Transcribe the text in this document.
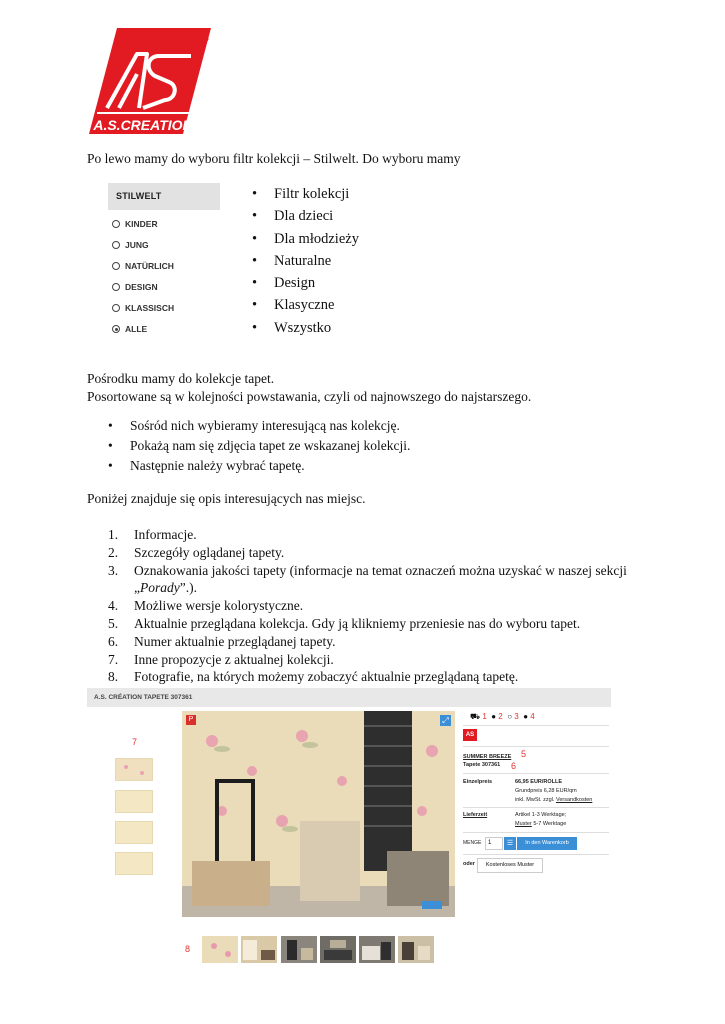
A.S.CREATION
®
Po lewo mamy do wyboru filtr kolekcji – Stilwelt. Do wyboru mamy
STILWELT
KINDER
JUNG
NATÜRLICH
DESIGN
KLASSISCH
ALLE
• Filtr kolekcji
• Dla dzieci
• Dla młodzieży
• Naturalne
• Design
• Klasyczne
• Wszystko
Pośrodku mamy do kolekcje tapet.
Posortowane są w kolejności powstawania, czyli od najnowszego do najstarszego.
• Sośród nich wybieramy interesującą nas kolekcję.
• Pokażą nam się zdjęcia tapet ze wskazanej kolekcji.
• Następnie należy wybrać tapetę.
Poniżej znajduje się opis interesujących nas miejsc.
1. Informacje.
2. Szczegóły oglądanej tapety.
3. Oznakowania jakości tapety (informacje na temat oznaczeń można uzyskać w naszej sekcji
„Porady”.).
4. Możliwe wersje kolorystyczne.
5. Aktualnie przeglądana kolekcja. Gdy ją klikniemy przeniesie nas do wyboru tapet.
6. Numer aktualnie przeglądanej tapety.
7. Inne propozycje z aktualnej kolekcji.
8. Fotografie, na których możemy zobaczyć aktualnie przeglądaną tapetę.
A.S. CRÉATION TAPETE 307361
7
P	⤢	⛟ 1 ● 2 ○ 3 ● 4
AS
SUMMER BREEZE 5
Tapete 307361 6
Einzelpreis	66,95 EUR/ROLLE
Grundpreis 6,28 EUR/qm
inkl. MwSt. zzgl. Versandkosten
Lieferzeit	Artikel 1-3 Werktage;
Muster 5-7 Werktage
MENGE	1	☰	In den Warenkorb
oder	Kostenloses Muster
8
